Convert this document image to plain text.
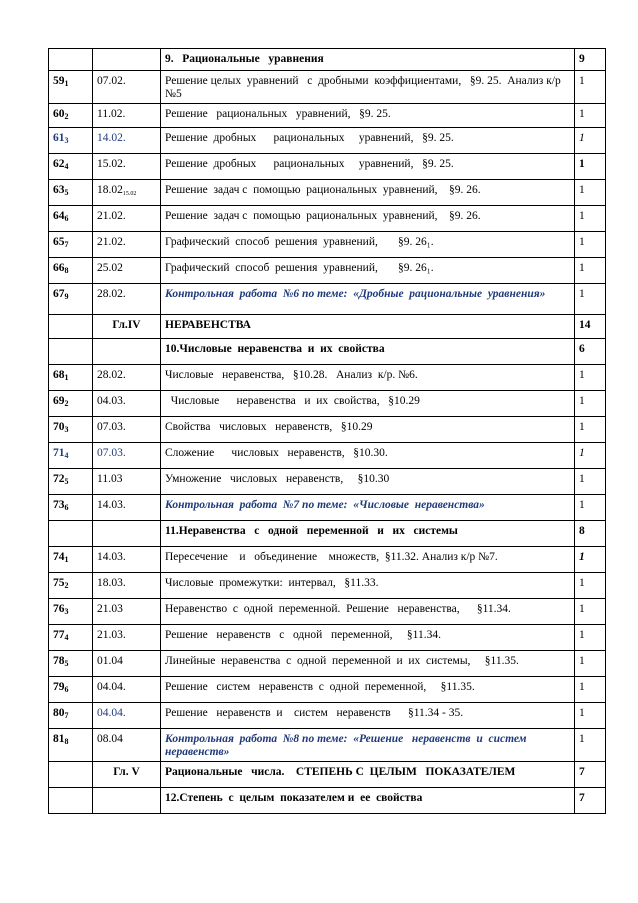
		9.   Рациональные   уравнения	9
$59_1$	07.02.	Решение целых  уравнений   с  дробными  коэффициентами,   §9. 25.  Анализ к/р №5	1
$60_2$	11.02.	Решение   рациональных   уравнений,   §9. 25.	1
$61_3$	14.02.	Решение  дробных      рациональных     уравнений,   §9. 25.	1
$62_4$	15.02.	Решение  дробных      рациональных     уравнений,   §9. 25.	1
$63_5$	$18.02_{15.02}$	Решение  задач с  помощью  рациональных  уравнений,    §9. 26.	1
$64_6$	21.02.	Решение  задач с  помощью  рациональных  уравнений,    §9. 26.	1
$65_7$	21.02.	Графический  способ  решения  уравнений,       §9. 26₁.	1
$66_8$	25.02	Графический  способ  решения  уравнений,       §9. 26₁.	1
$67_9$	28.02.	Контрольная  работа  №6 по теме:  «Дробные  рациональные  уравнения»	1
	Гл.IV	НЕРАВЕНСТВА	14
		10.Числовые  неравенства  и  их  свойства	6
$68_1$	28.02.	Числовые   неравенства,   §10.28.   Анализ  к/р. №6.	1
$69_2$	04.03.	Числовые      неравенства   и  их  свойства,   §10.29	1
$70_3$	07.03.	Свойства   числовых   неравенств,   §10.29	1
$71_4$	07.03.	Сложение      числовых   неравенств,   §10.30.	1
$72_5$	11.03	Умножение   числовых   неравенств,     §10.30	1
$73_6$	14.03.	Контрольная  работа  №7 по теме:  «Числовые  неравенства»	1
		11.Неравенства   с   одной   переменной   и   их   системы	8
$74_1$	14.03.	Пересечение    и   объединение    множеств,  §11.32. Анализ к/р №7.	1
$75_2$	18.03.	Числовые  промежутки:  интервал,   §11.33.	1
$76_3$	21.03	Неравенство  с  одной  переменной.  Решение   неравенства,      §11.34.	1
$77_4$	21.03.	Решение   неравенств   с   одной   переменной,     §11.34.	1
$78_5$	01.04	Линейные  неравенства  с  одной  переменной  и  их  системы,     §11.35.	1
$79_6$	04.04.	Решение   систем   неравенств  с  одной  переменной,     §11.35.	1
$80_7$	04.04.	Решение   неравенств  и    систем   неравенств      §11.34 - 35.	1
$81_8$	08.04	Контрольная  работа  №8 по теме:  «Решение   неравенств  и  систем   неравенств»	1
	Гл. V	Рациональные   числа.    СТЕПЕНЬ С  ЦЕЛЫМ   ПОКАЗАТЕЛЕМ	7
		12.Степень  с  целым  показателем и  ее  свойства	7
